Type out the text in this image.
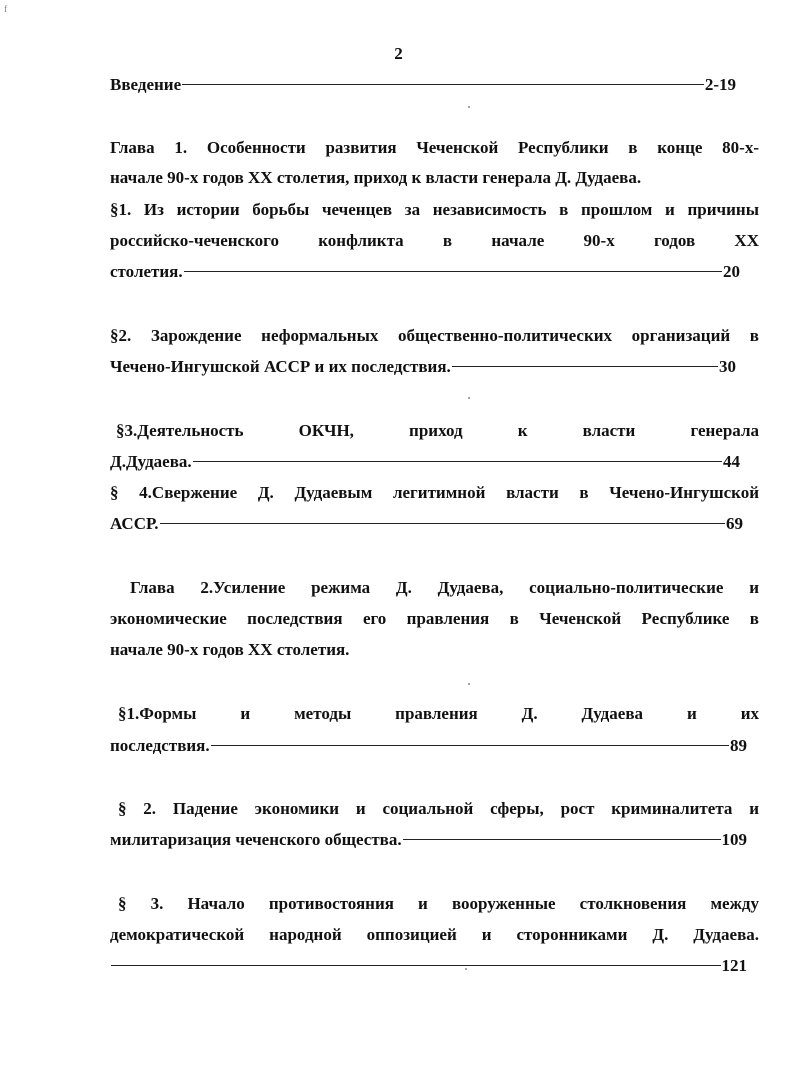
f
2
Введение	2-19
Глава 1. Особенности развития Чеченской Республики в конце 80-х-
начале 90-х годов XX столетия, приход к власти генерала Д. Дудаева.
§1. Из истории борьбы чеченцев за независимость в прошлом и причины
российско-чеченского конфликта в начале 90-х годов XX
столетия.	20
§2. Зарождение неформальных общественно-политических организаций в
Чечено-Ингушской АССР и их последствия.	30
§3.Деятельность ОКЧН, приход к власти генерала
Д.Дудаева.	44
§ 4.Свержение Д. Дудаевым легитимной власти в Чечено-Ингушской
АССР.	69
Глава 2.Усиление режима Д. Дудаева, социально-политические и
экономические последствия его правления в Чеченской Республике в
начале 90-х годов XX столетия.
§1.Формы и методы правления Д. Дудаева и их
последствия.	89
§ 2. Падение экономики и социальной сферы, рост криминалитета и
милитаризация чеченского общества.	109
§ 3. Начало противостояния и вооруженные столкновения между
демократической народной оппозицией и сторонниками Д. Дудаева.
121
